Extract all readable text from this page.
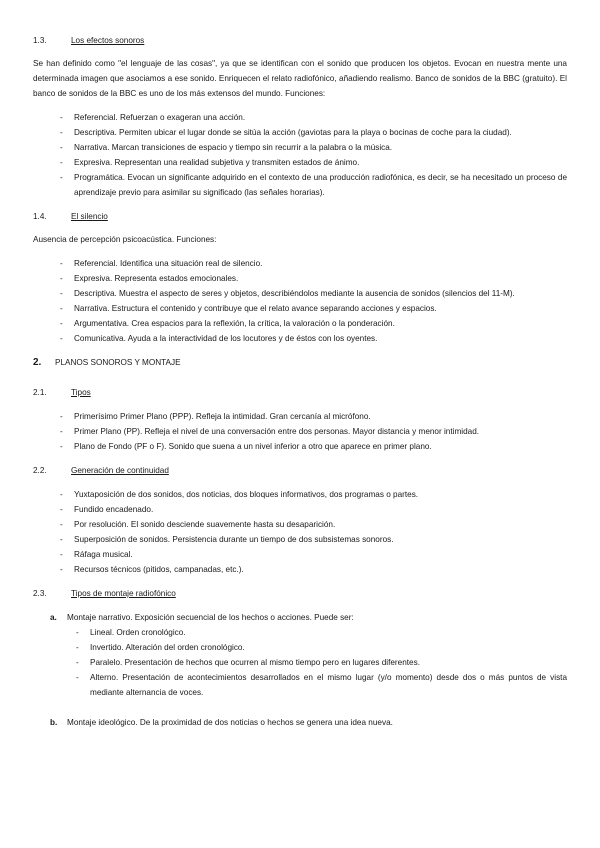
1.3.	Los efectos sonoros

Se han definido como "el lenguaje de las cosas", ya que se identifican con el sonido que producen los objetos. Evocan en nuestra mente una determinada imagen que asociamos a ese sonido. Enriquecen el relato radiofónico, añadiendo realismo. Banco de sonidos de la BBC (gratuito). El banco de sonidos de la BBC es uno de los más extensos del mundo. Funciones:

- Referencial. Refuerzan o exageran una acción.
- Descriptiva. Permiten ubicar el lugar donde se sitúa la acción (gaviotas para la playa o bocinas de coche para la ciudad).
- Narrativa. Marcan transiciones de espacio y tiempo sin recurrir a la palabra o la música.
- Expresiva. Representan una realidad subjetiva y transmiten estados de ánimo.
- Programática. Evocan un significante adquirido en el contexto de una producción radiofónica, es decir, se ha necesitado un proceso de aprendizaje previo para asimilar su significado (las señales horarias).
1.4.	El silencio

Ausencia de percepción psicoacústica. Funciones:

- Referencial. Identifica una situación real de silencio.
- Expresiva. Representa estados emocionales.
- Descriptiva. Muestra el aspecto de seres y objetos, describiéndolos mediante la ausencia de sonidos (silencios del 11-M).
- Narrativa. Estructura el contenido y contribuye que el relato avance separando acciones y espacios.
- Argumentativa. Crea espacios para la reflexión, la crítica, la valoración o la ponderación.
- Comunicativa. Ayuda a la interactividad de los locutores y de éstos con los oyentes.
2.	PLANOS SONOROS Y MONTAJE
2.1.	Tipos
- Primerísimo Primer Plano (PPP). Refleja la intimidad. Gran cercanía al micrófono.
- Primer Plano (PP). Refleja el nivel de una conversación entre dos personas. Mayor distancia y menor intimidad.
- Plano de Fondo (PF o F). Sonido que suena a un nivel inferior a otro que aparece en primer plano.
2.2.	Generación de continuidad
- Yuxtaposición de dos sonidos, dos noticias, dos bloques informativos, dos programas o partes.
- Fundido encadenado.
- Por resolución. El sonido desciende suavemente hasta su desaparición.
- Superposición de sonidos. Persistencia durante un tiempo de dos subsistemas sonoros.
- Ráfaga musical.
- Recursos técnicos (pitidos, campanadas, etc.).
2.3.	Tipos de montaje radiofónico
a. Montaje narrativo. Exposición secuencial de los hechos o acciones. Puede ser:
- Lineal. Orden cronológico.
- Invertido. Alteración del orden cronológico.
- Paralelo. Presentación de hechos que ocurren al mismo tiempo pero en lugares diferentes.
- Alterno. Presentación de acontecimientos desarrollados en el mismo lugar (y/o momento) desde dos o más puntos de vista mediante alternancia de voces.
b. Montaje ideológico. De la proximidad de dos noticias o hechos se genera una idea nueva.
